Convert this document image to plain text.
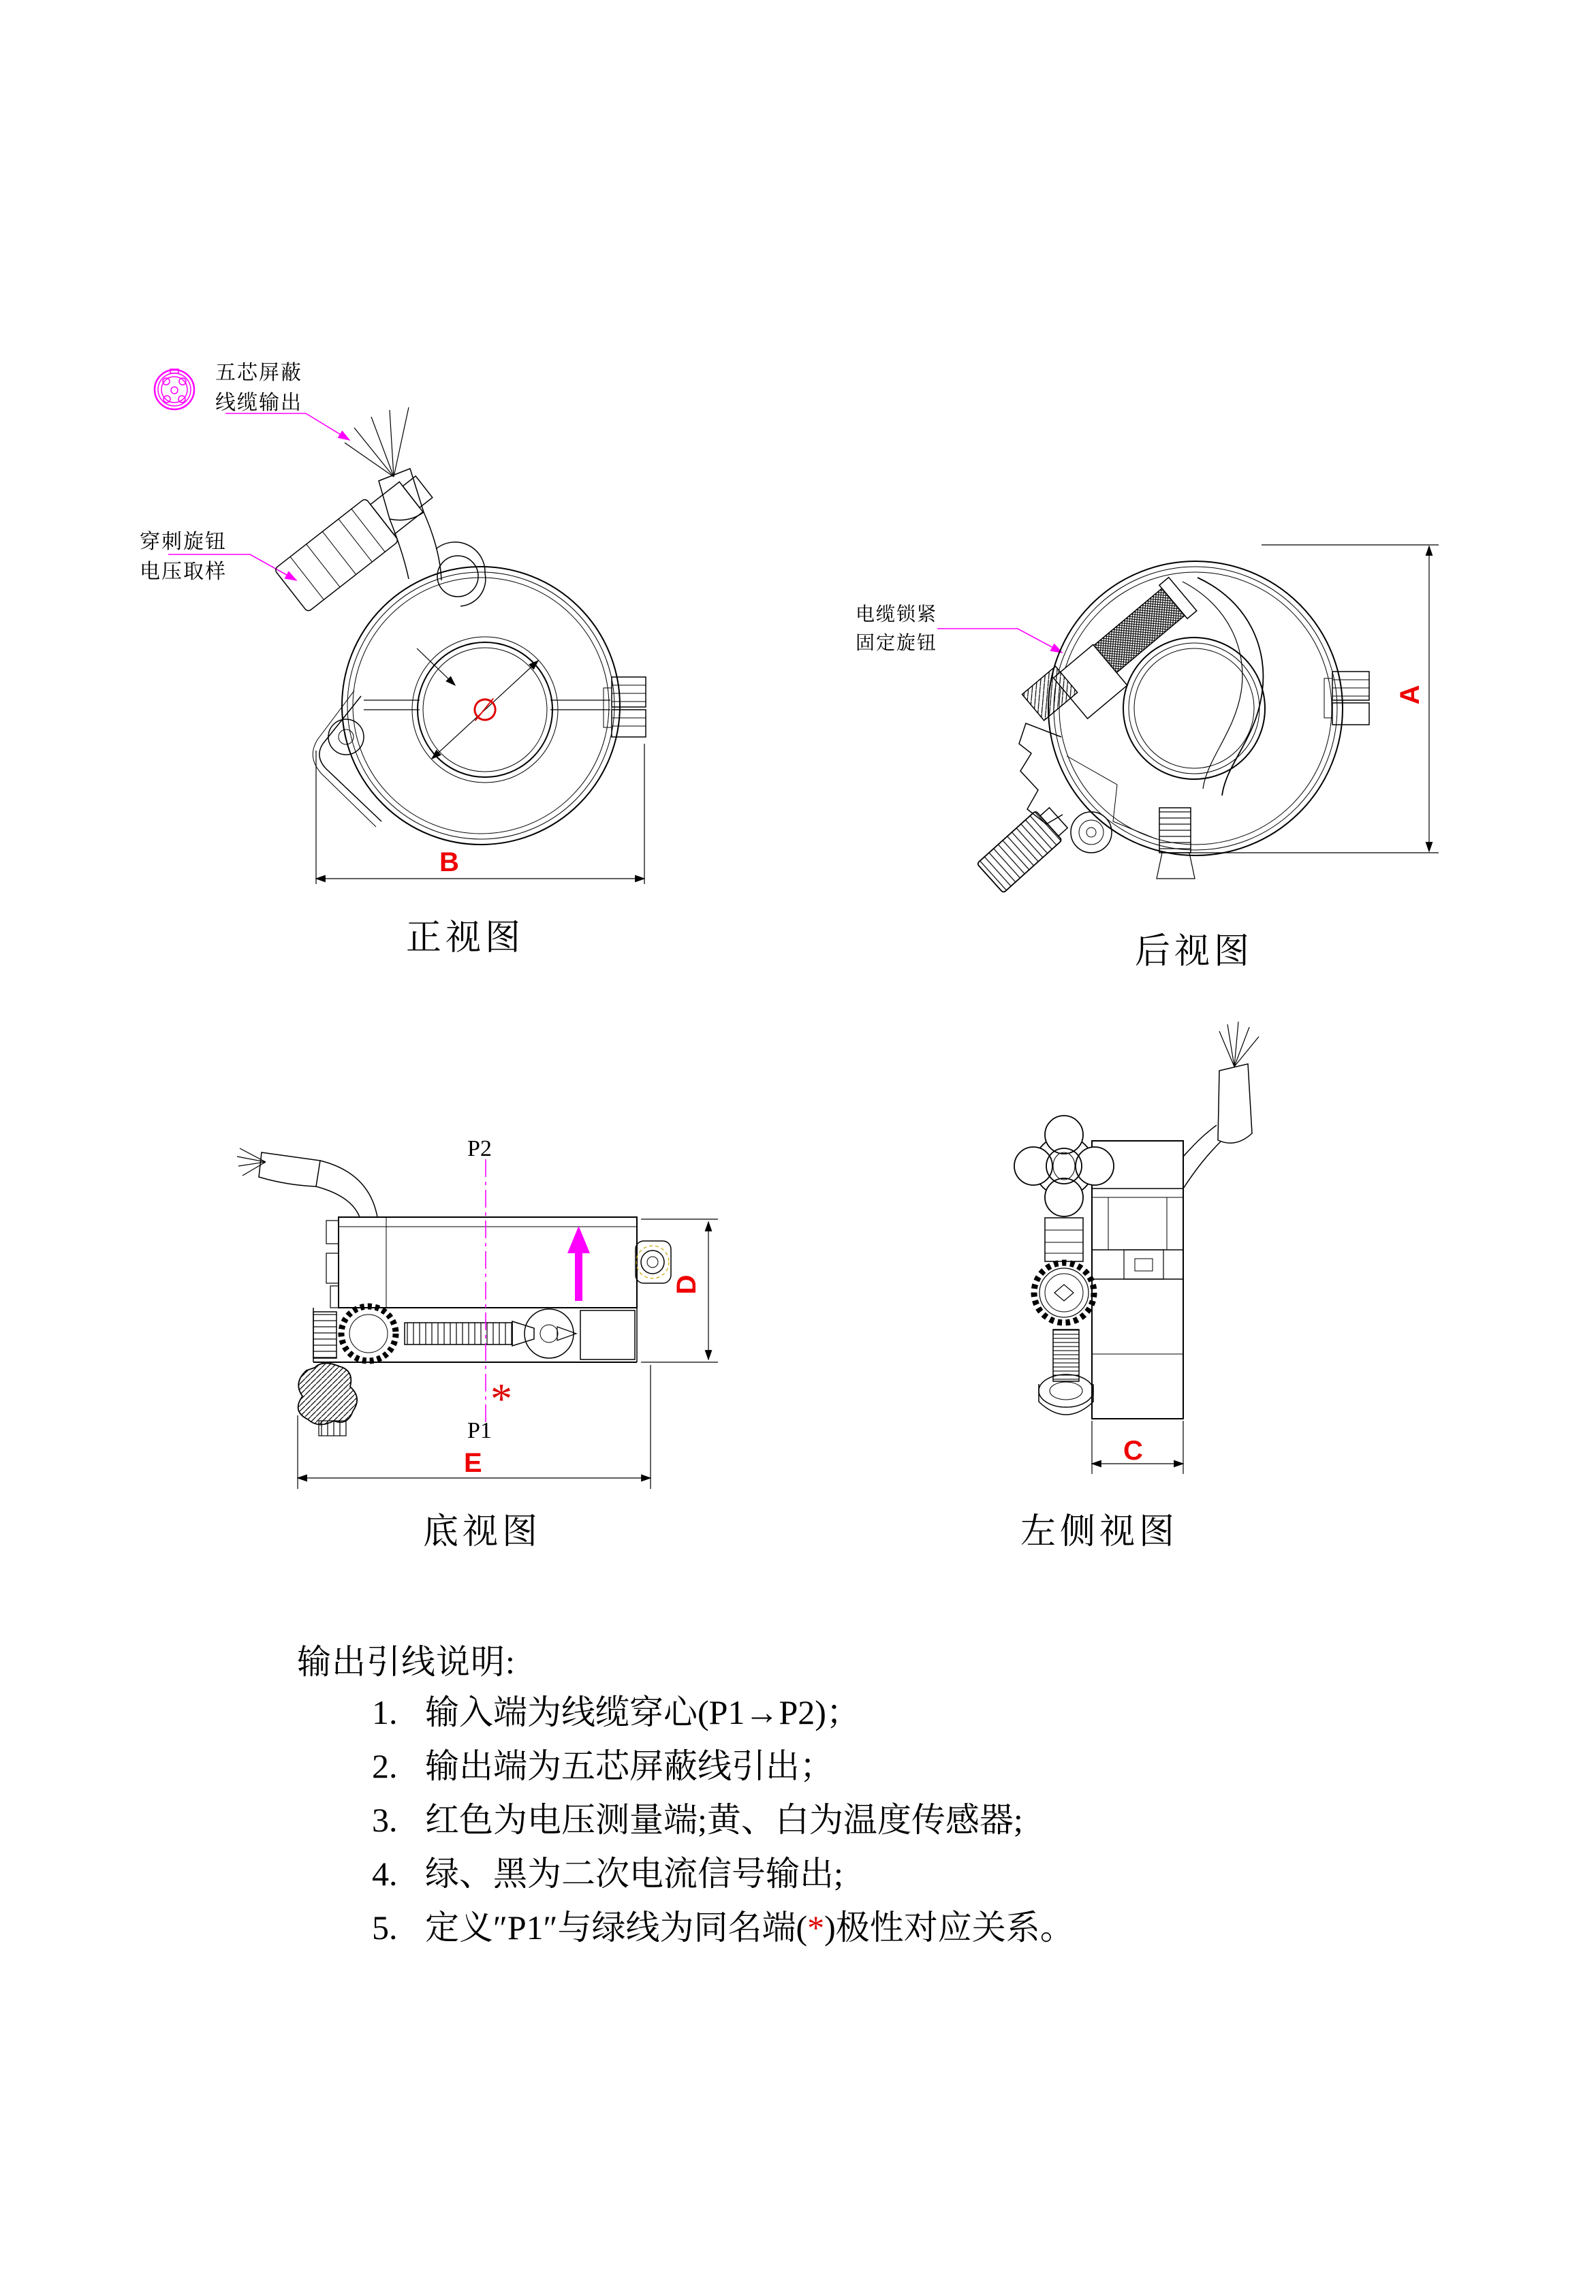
∅
五芯屏蔽
线缆输出
穿刺旋钮
电压取样
电缆锁紧
固定旋钮
正视图	后视图
底视图	左侧视图
B
A
D
E	C
P2
P1
*
输出引线说明:
1. 输入端为线缆穿心(P1→P2)；
2. 输出端为五芯屏蔽线引出；
3. 红色为电压测量端;黄、白为温度传感器;
4. 绿、黑为二次电流信号输出;
5. 定义″P1″与绿线为同名端(*)极性对应关系。
